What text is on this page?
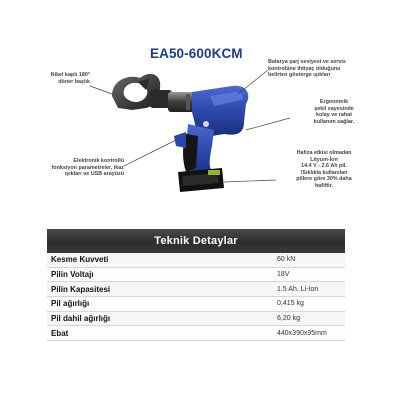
EA50-600KCM
Nikel kaplı 180°
döner başlık
Batarya şarj seviyesi ve servis
kontrolüne ihtiyaç olduğunu
belirten gösterge ışıkları
Ergonomik
şekli sayesinde
kolay ve rahat
kullanım sağlar.
Elektronik kontrollü
fonksiyon parametreler, ikaz
ışıkları ve USB arayüzü
Hafıza etkisi olmadan
Lityum-İon
14.4 V - 2.6 Ah pil.
!Sıklıkla kullanılan
pillere göre 30% daha
hafiftir.
Teknik Detaylar
Kesme Kuvveti	60 kN
Pilin Voltajı	18V
Pilin Kapasitesi	1.5 Ah. Li-Ion
Pil ağırlığı	0,415 kg
Pil dahil ağırlığı	6,20 kg
Ebat	440x390x95mm
